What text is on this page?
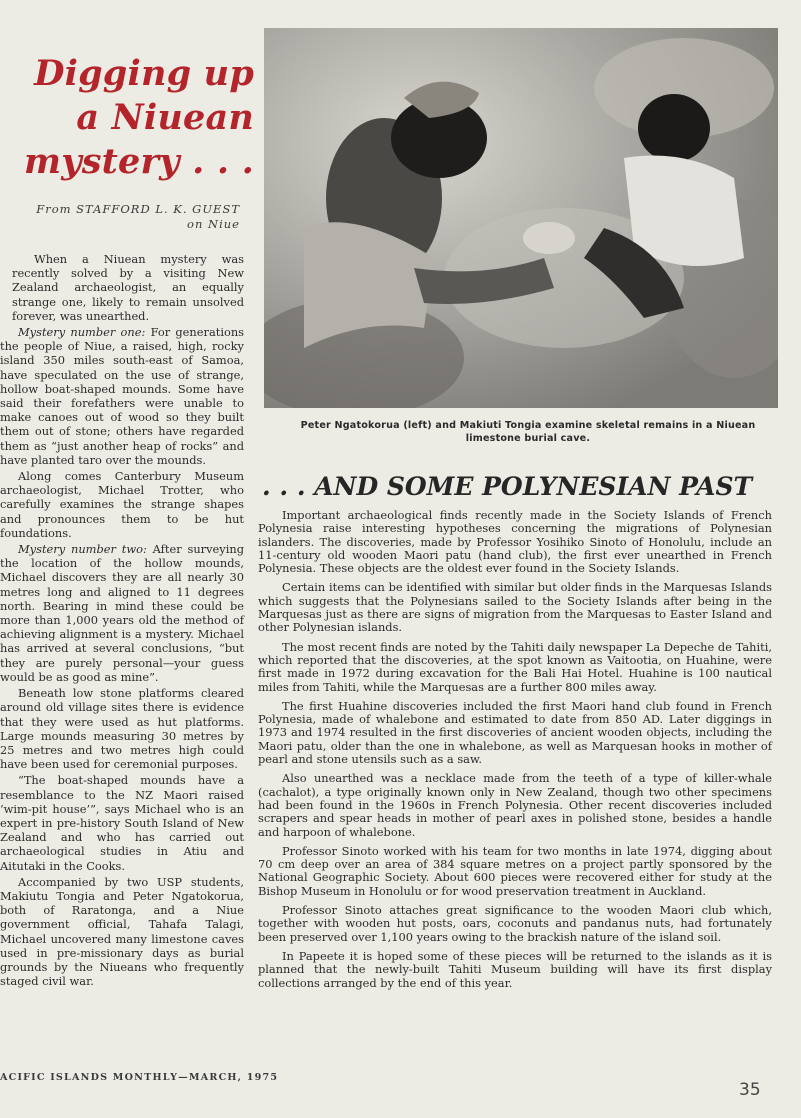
Digging up
a Niuean
mystery . . .
From STAFFORD L. K. GUEST
on Niue

When a Niuean mystery was recently solved by a visiting New Zealand archaeologist, an equally strange one, likely to remain unsolved forever, was unearthed.

Mystery number one: For generations the people of Niue, a raised, high, rocky island 350 miles south-east of Samoa, have speculated on the use of strange, hollow boat-shaped mounds. Some have said their forefathers were unable to make canoes out of wood so they built them out of stone; others have regarded them as “just another heap of rocks” and have planted taro over the mounds.

Along comes Canterbury Museum archaeologist, Michael Trotter, who carefully examines the strange shapes and pronounces them to be hut foundations.

Mystery number two: After surveying the location of the hollow mounds, Michael discovers they are all nearly 30 metres long and aligned to 11 degrees north. Bearing in mind these could be more than 1,000 years old the method of achieving alignment is a mystery. Michael has arrived at several conclusions, “but they are purely personal—your guess would be as good as mine”.

Beneath low stone platforms cleared around old village sites there is evidence that they were used as hut platforms. Large mounds measuring 30 metres by 25 metres and two metres high could have been used for ceremonial purposes.

“The boat-shaped mounds have a resemblance to the NZ Maori raised ‘wim-pit house’”, says Michael who is an expert in pre-history South Island of New Zealand and who has carried out archaeological studies in Atiu and Aitutaki in the Cooks.

Accompanied by two USP students, Makiutu Tongia and Peter Ngatokorua, both of Raratonga, and a Niue government official, Tahafa Talagi, Michael uncovered many limestone caves used in pre-missionary days as burial grounds by the Niueans who frequently staged civil war.

Peter Ngatokorua (left) and Makiuti Tongia examine skeletal remains in a Niuean limestone burial cave.
. . . AND SOME POLYNESIAN PAST

Important archaeological finds recently made in the Society Islands of French Polynesia raise interesting hypotheses concerning the migrations of Polynesian islanders. The discoveries, made by Professor Yosihiko Sinoto of Honolulu, include an 11-century old wooden Maori patu (hand club), the first ever unearthed in French Polynesia. These objects are the oldest ever found in the Society Islands.

Certain items can be identified with similar but older finds in the Marquesas Islands which suggests that the Polynesians sailed to the Society Islands after being in the Marquesas just as there are signs of migration from the Marquesas to Easter Island and other Polynesian islands.

The most recent finds are noted by the Tahiti daily newspaper La Depeche de Tahiti, which reported that the discoveries, at the spot known as Vaitootia, on Huahine, were first made in 1972 during excavation for the Bali Hai Hotel. Huahine is 100 nautical miles from Tahiti, while the Marquesas are a further 800 miles away.

The first Huahine discoveries included the first Maori hand club found in French Polynesia, made of whalebone and estimated to date from 850 AD. Later diggings in 1973 and 1974 resulted in the first discoveries of ancient wooden objects, including the Maori patu, older than the one in whalebone, as well as Marquesan hooks in mother of pearl and stone utensils such as a saw.

Also unearthed was a necklace made from the teeth of a type of killer-whale (cachalot), a type originally known only in New Zealand, though two other specimens had been found in the 1960s in French Polynesia. Other recent discoveries included scrapers and spear heads in mother of pearl axes in polished stone, besides a handle and harpoon of whalebone.

Professor Sinoto worked with his team for two months in late 1974, digging about 70 cm deep over an area of 384 square metres on a project partly sponsored by the National Geographic Society. About 600 pieces were recovered either for study at the Bishop Museum in Honolulu or for wood preservation treatment in Auckland.

Professor Sinoto attaches great significance to the wooden Maori club which, together with wooden hut posts, oars, coconuts and pandanus nuts, had fortunately been preserved over 1,100 years owing to the brackish nature of the island soil.

In Papeete it is hoped some of these pieces will be returned to the islands as it is planned that the newly-built Tahiti Museum building will have its first display collections arranged by the end of this year.

ACIFIC ISLANDS MONTHLY—MARCH, 1975
35
